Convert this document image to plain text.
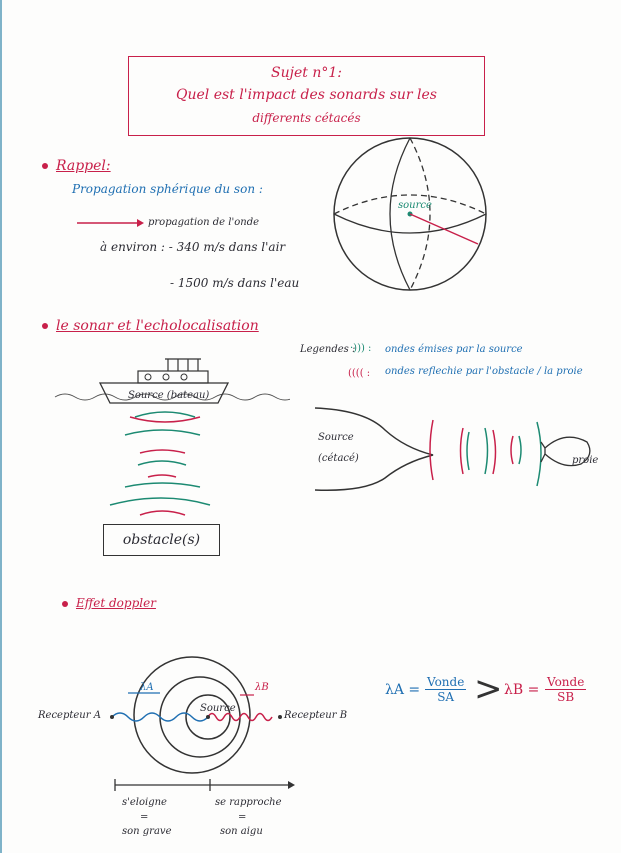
Sujet n°1:
Quel est l'impact des sonards sur les
differents cétacés
Rappel:
Propagation sphérique du son :
propagation de l'onde
à environ : - 340 m/s dans l'air
- 1500 m/s dans l'eau
source
le sonar et l'echolocalisation
Legendes :
·))) : ondes émises par la source
(((( : ondes reflechie par l'obstacle / la proie
Source (bateau)
obstacle(s)
Source
(cétacé)	proie
Effet doppler
Recepteur A	Recepteur B
Source
λA	λB
s'eloigne
=
son grave
se rapproche
=
son aigu
λA = Vonde
SA > λB = Vonde
SB
